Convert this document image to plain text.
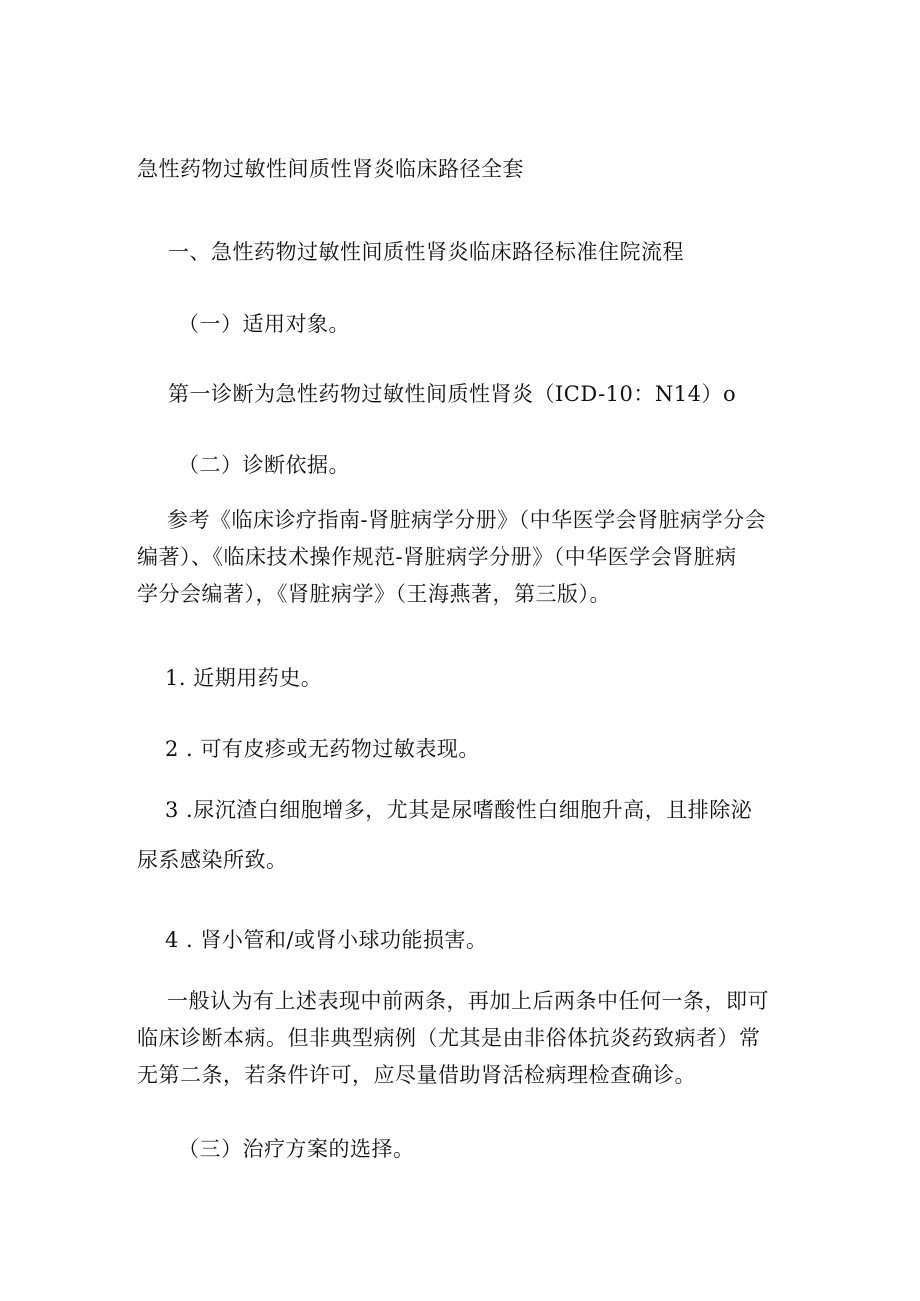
急性药物过敏性间质性肾炎临床路径全套
一、急性药物过敏性间质性肾炎临床路径标准住院流程
（一）适用对象。
第一诊断为急性药物过敏性间质性肾炎（ICD-10：N14）o
（二）诊断依据。
参考《临床诊疗指南-肾脏病学分册》（中华医学会肾脏病学分会
编著）、《临床技术操作规范-肾脏病学分册》（中华医学会肾脏病
学分会编著），《肾脏病学》（王海燕著，第三版）。
1. 近期用药史。
2 . 可有皮疹或无药物过敏表现。
3 .尿沉渣白细胞增多，尤其是尿嗜酸性白细胞升高，且排除泌
尿系感染所致。
4 . 肾小管和/或肾小球功能损害。
一般认为有上述表现中前两条，再加上后两条中任何一条，即可
临床诊断本病。但非典型病例（尤其是由非俗体抗炎药致病者）常
无第二条，若条件许可，应尽量借助肾活检病理检查确诊。
（三）治疗方案的选择。
